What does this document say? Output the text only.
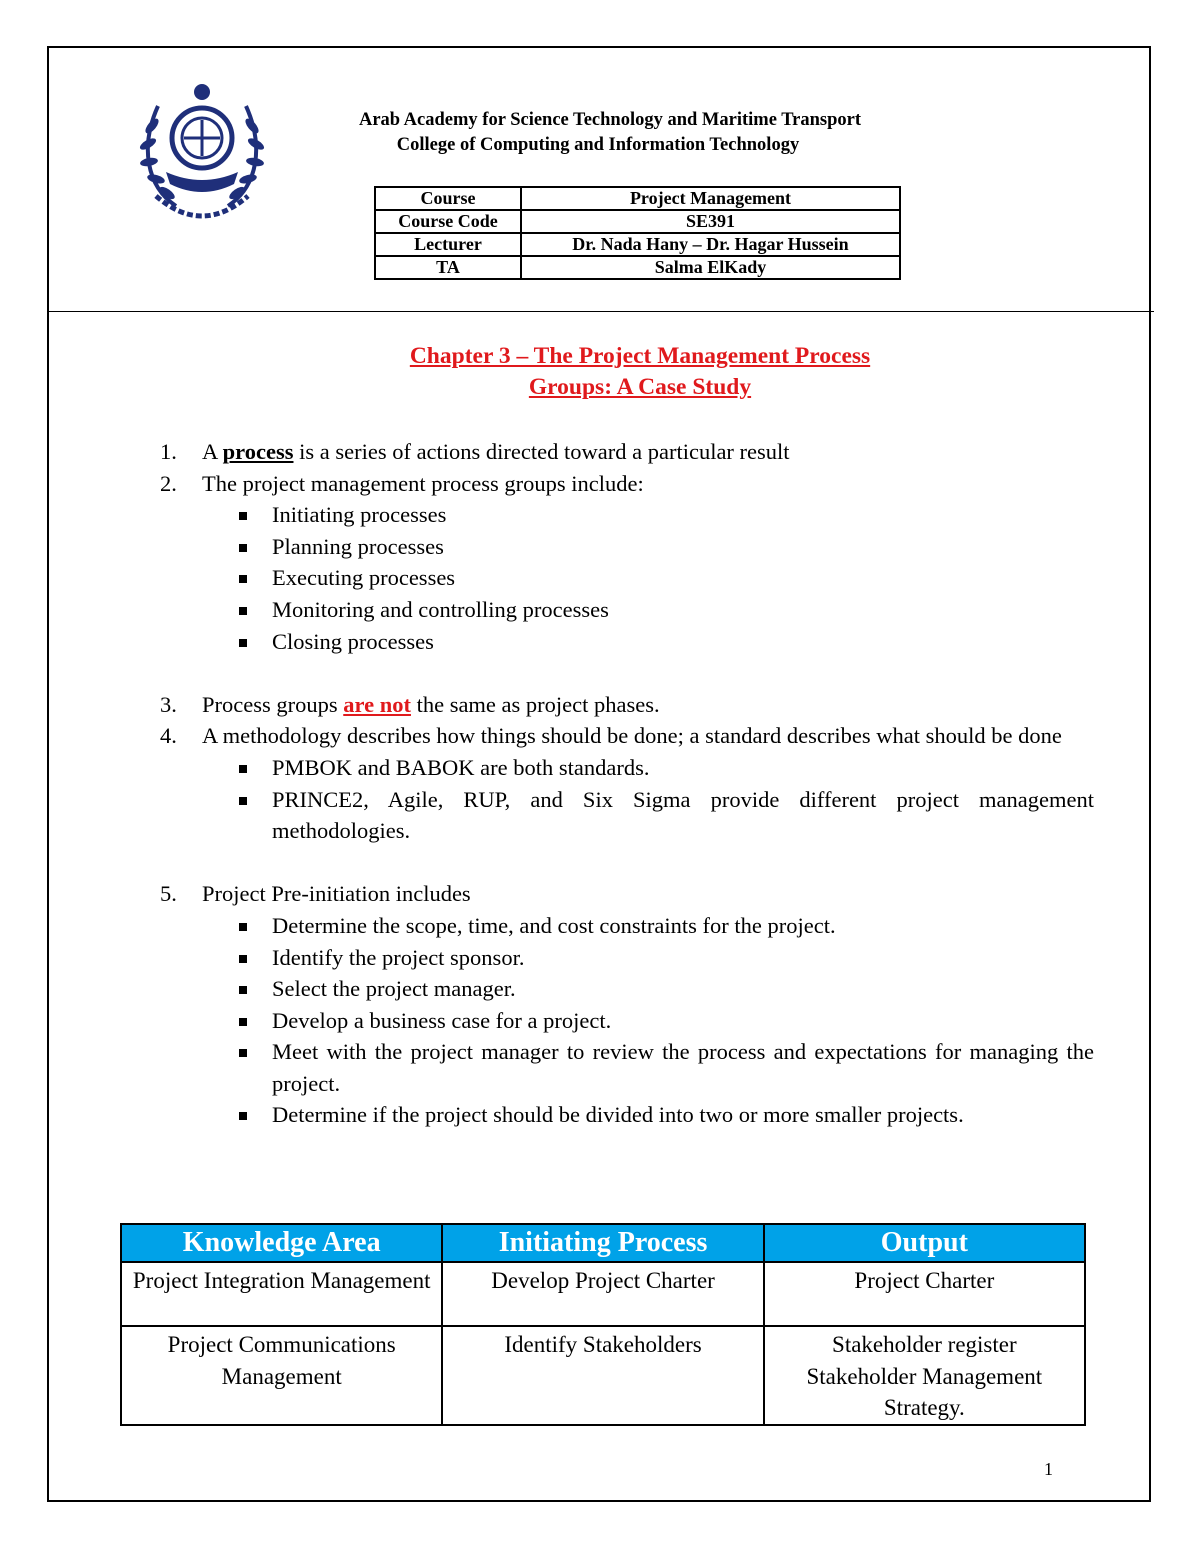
Arab Academy for Science Technology and Maritime Transport
College of Computing and Information Technology
Course	Project Management
Course Code	SE391
Lecturer	Dr. Nada Hany – Dr. Hagar Hussein
TA	Salma ElKady
Chapter 3 – The Project Management Process
Groups: A Case Study
1.	A process is a series of actions directed toward a particular result
2.	The project management process groups include:
Initiating processes
Planning processes
Executing processes
Monitoring and controlling processes
Closing processes
3.	Process groups are not the same as project phases.
4.	A methodology describes how things should be done; a standard describes what should be done
PMBOK and BABOK are both standards.
PRINCE2, Agile, RUP, and Six Sigma provide different project management methodologies.
5.	Project Pre-initiation includes
Determine the scope, time, and cost constraints for the project.
Identify the project sponsor.
Select the project manager.
Develop a business case for a project.
Meet with the project manager to review the process and expectations for managing the project.
Determine if the project should be divided into two or more smaller projects.
Knowledge Area	Initiating Process	Output
Project Integration Management	Develop Project Charter	Project Charter

Project Communications Management	Identify Stakeholders	Stakeholder register
Stakeholder Management Strategy.
1
